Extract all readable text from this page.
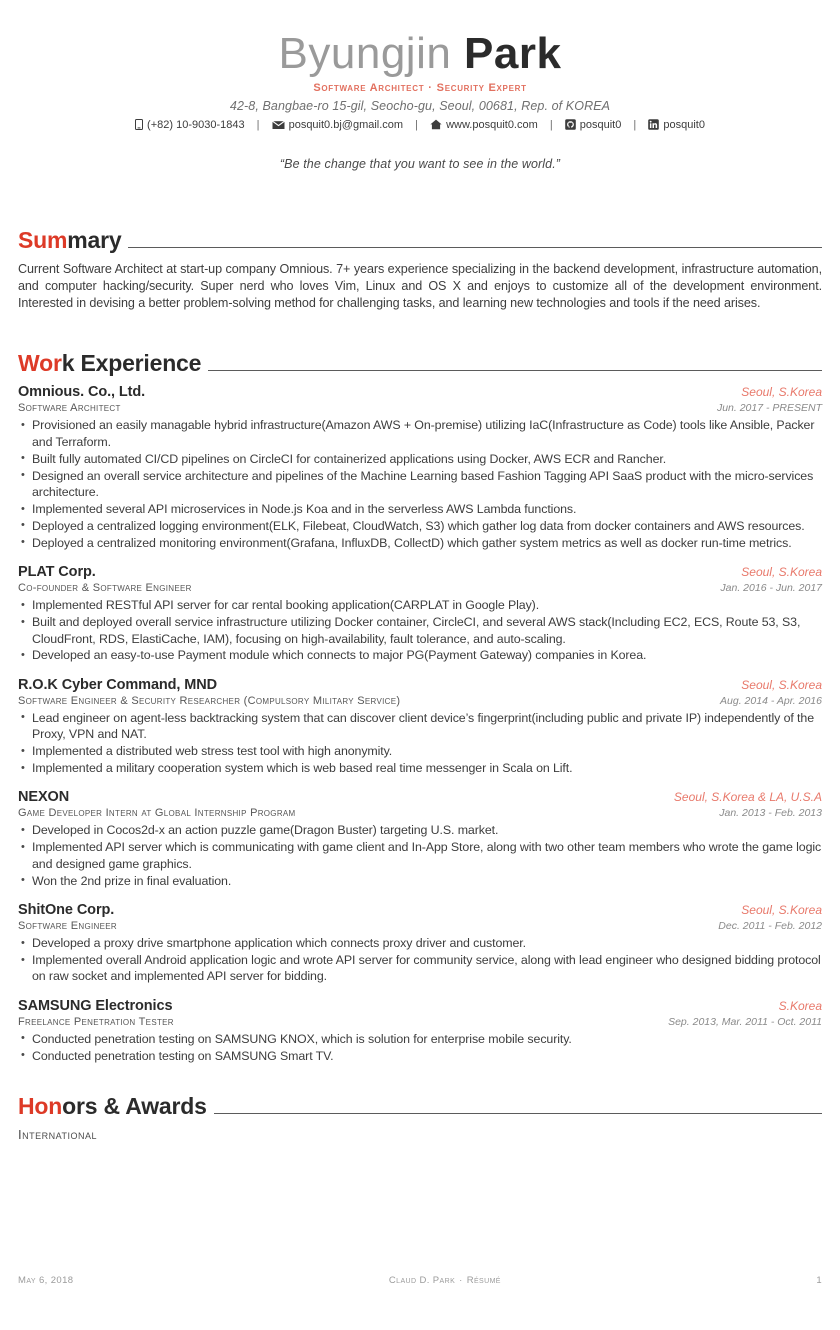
Byungjin Park
Software Architect · Security Expert
42-8, Bangbae-ro 15-gil, Seocho-gu, Seoul, 00681, Rep. of KOREA
(+82) 10-9030-1843 |	posquit0.bj@gmail.com |	www.posquit0.com | posquit0 | posquit0
“Be the change that you want to see in the world.”
Summary
Current Software Architect at start-up company Omnious. 7+ years experience specializing in the backend development, infrastructure automation, and computer hacking/security. Super nerd who loves Vim, Linux and OS X and enjoys to customize all of the development environment. Interested in devising a better problem-solving method for challenging tasks, and learning new technologies and tools if the need arises.
Work Experience
Omnious. Co., Ltd.	Seoul, S.Korea
Software Architect	Jun. 2017 - PRESENT
• Provisioned an easily managable hybrid infrastructure(Amazon AWS + On-premise) utilizing IaC(Infrastructure as Code) tools like Ansible, Packer and Terraform.
• Built fully automated CI/CD pipelines on CircleCI for containerized applications using Docker, AWS ECR and Rancher.
• Designed an overall service architecture and pipelines of the Machine Learning based Fashion Tagging API SaaS product with the micro-services architecture.
• Implemented several API microservices in Node.js Koa and in the serverless AWS Lambda functions.
• Deployed a centralized logging environment(ELK, Filebeat, CloudWatch, S3) which gather log data from docker containers and AWS resources.
• Deployed a centralized monitoring environment(Grafana, InfluxDB, CollectD) which gather system metrics as well as docker run-time metrics.
PLAT Corp.	Seoul, S.Korea
Co-founder & Software Engineer	Jan. 2016 - Jun. 2017
• Implemented RESTful API server for car rental booking application(CARPLAT in Google Play).
• Built and deployed overall service infrastructure utilizing Docker container, CircleCI, and several AWS stack(Including EC2, ECS, Route 53, S3, CloudFront, RDS, ElastiCache, IAM), focusing on high-availability, fault tolerance, and auto-scaling.
• Developed an easy-to-use Payment module which connects to major PG(Payment Gateway) companies in Korea.
R.O.K Cyber Command, MND	Seoul, S.Korea
Software Engineer & Security Researcher (Compulsory Military Service)	Aug. 2014 - Apr. 2016
• Lead engineer on agent-less backtracking system that can discover client device’s fingerprint(including public and private IP) independently of the Proxy, VPN and NAT.
• Implemented a distributed web stress test tool with high anonymity.
• Implemented a military cooperation system which is web based real time messenger in Scala on Lift.
NEXON	Seoul, S.Korea & LA, U.S.A
Game Developer Intern at Global Internship Program	Jan. 2013 - Feb. 2013
• Developed in Cocos2d-x an action puzzle game(Dragon Buster) targeting U.S. market.
• Implemented API server which is communicating with game client and In-App Store, along with two other team members who wrote the game logic and designed game graphics.
• Won the 2nd prize in final evaluation.
ShitOne Corp.	Seoul, S.Korea
Software Engineer	Dec. 2011 - Feb. 2012
• Developed a proxy drive smartphone application which connects proxy driver and customer.
• Implemented overall Android application logic and wrote API server for community service, along with lead engineer who designed bidding protocol on raw socket and implemented API server for bidding.
SAMSUNG Electronics	S.Korea
Freelance Penetration Tester	Sep. 2013, Mar. 2011 - Oct. 2011
• Conducted penetration testing on SAMSUNG KNOX, which is solution for enterprise mobile security.
• Conducted penetration testing on SAMSUNG Smart TV.
Honors & Awards
International
May 6, 2018	Claud D. Park · Résumé	1
